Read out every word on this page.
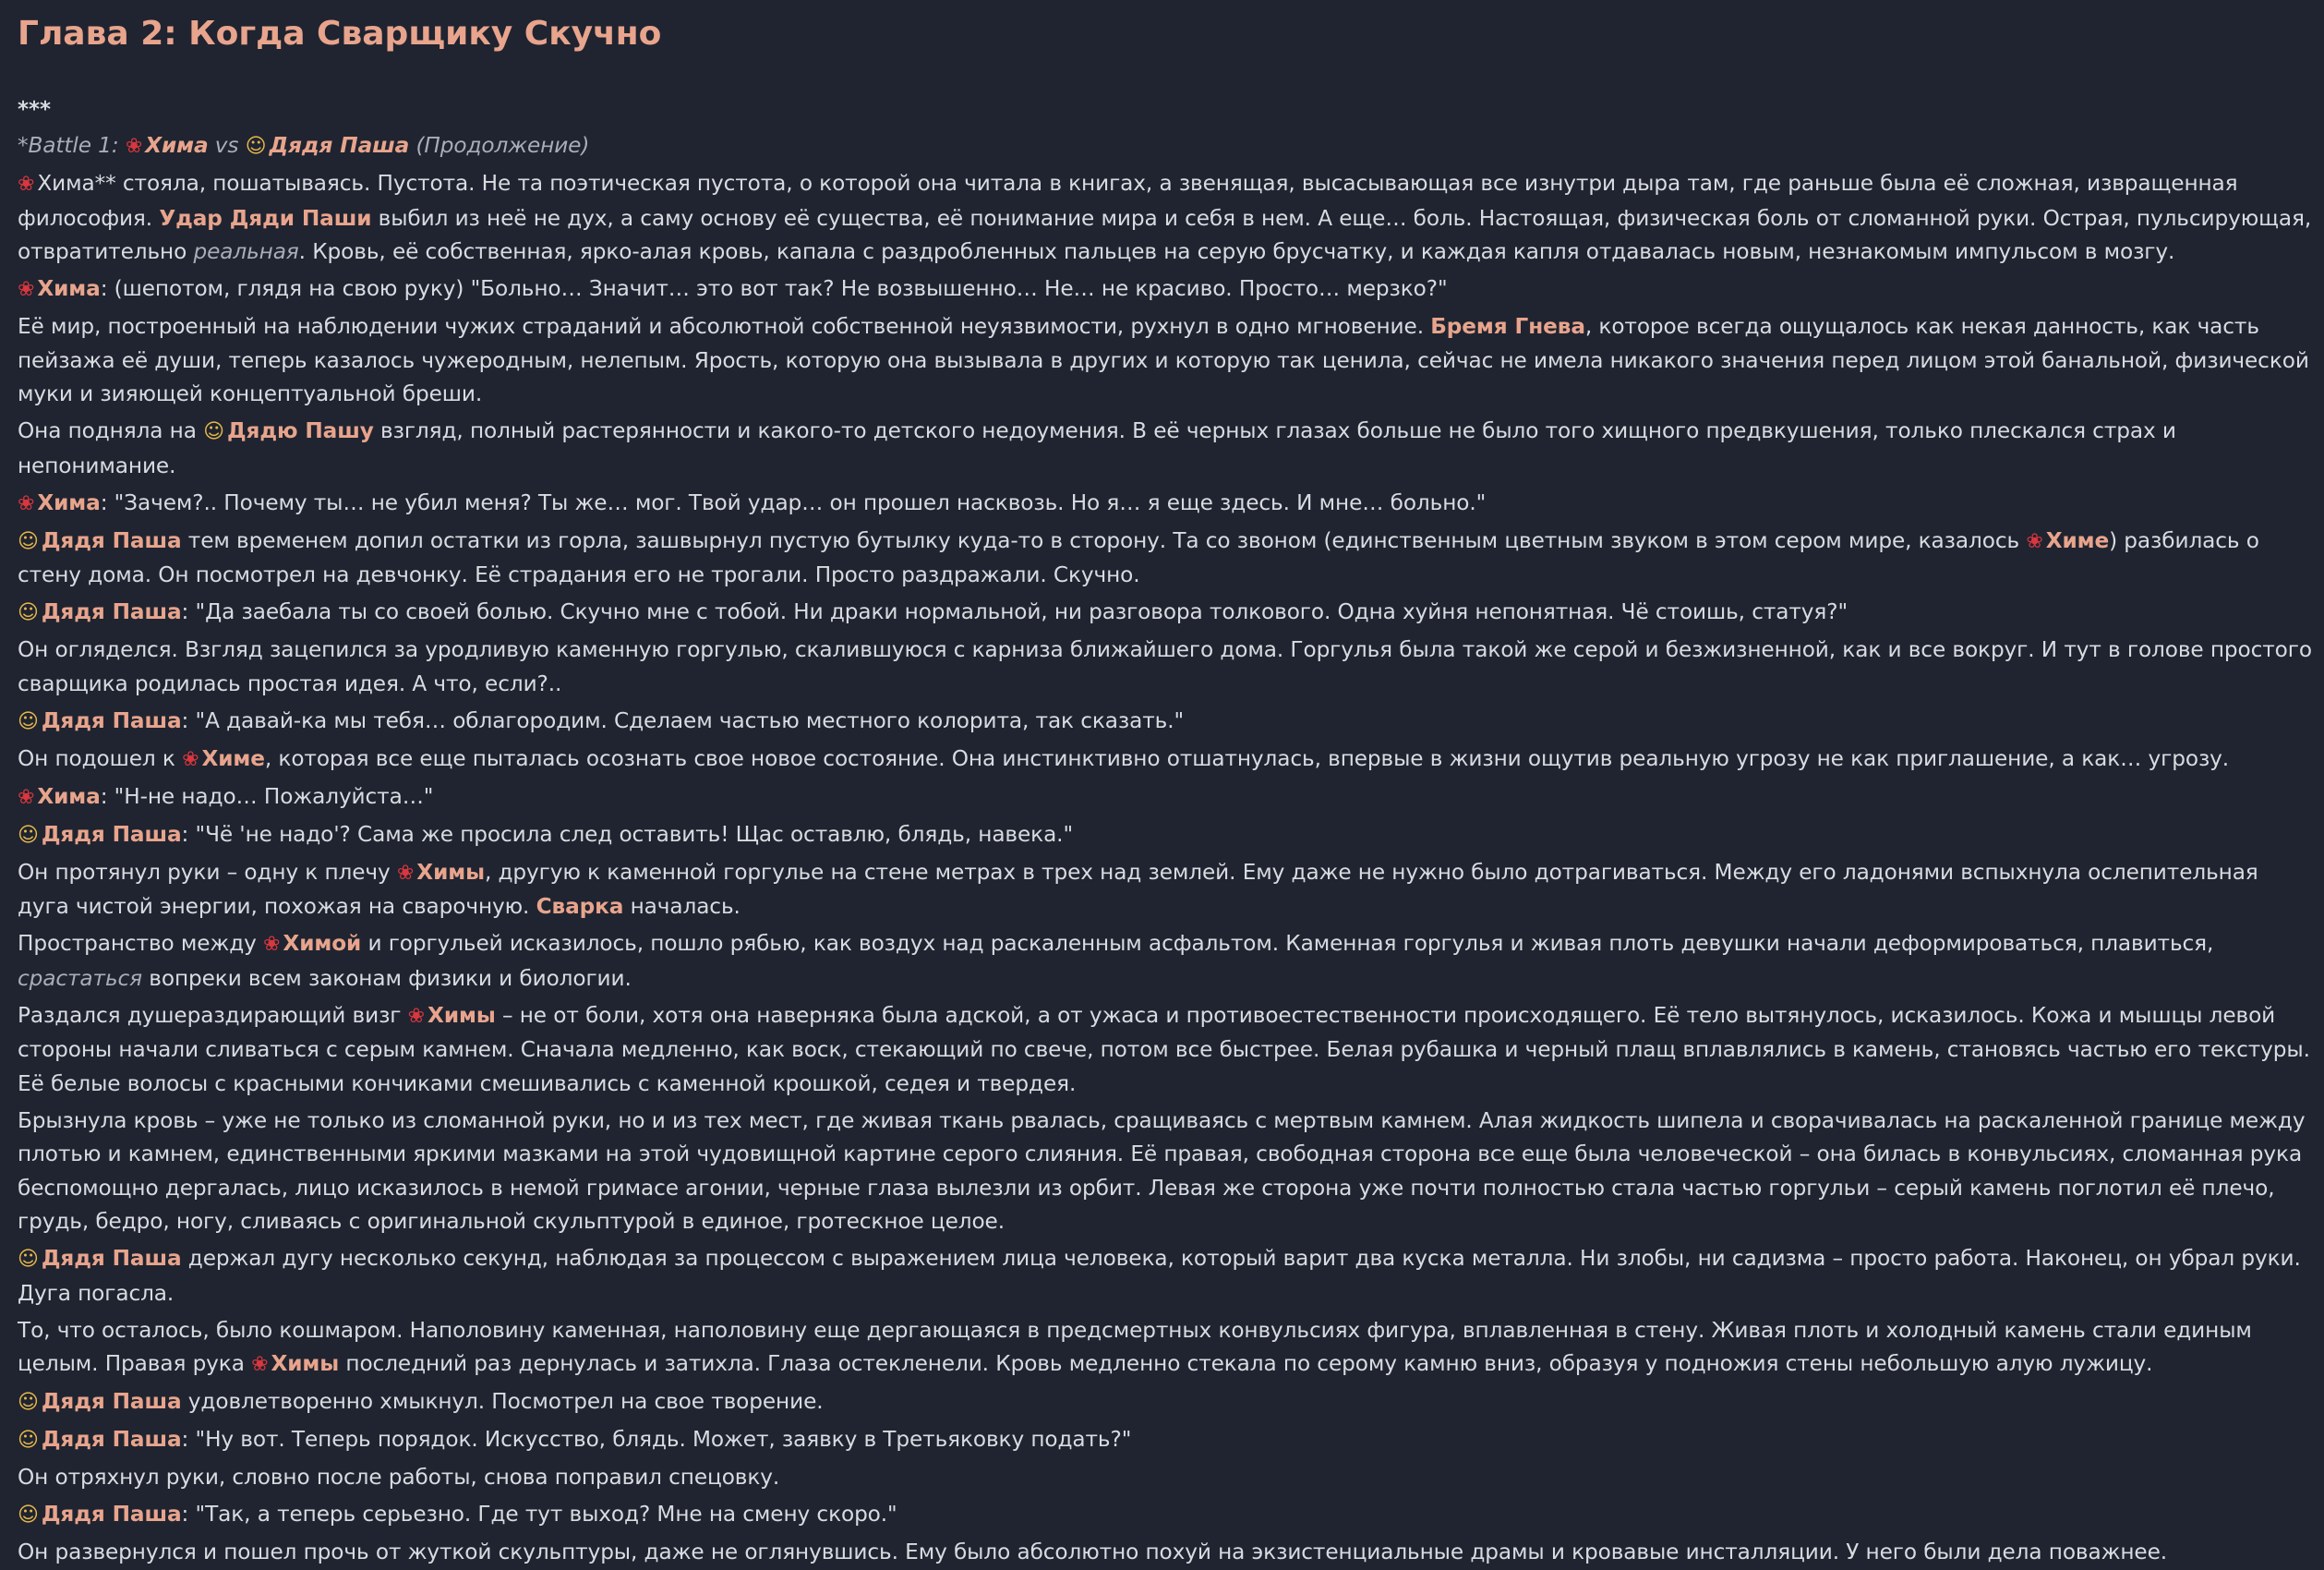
Глава 2: Когда Сварщику Скучно
***
*Battle 1: ❀ Хима vs ☺ Дядя Паша (Продолжение)
❀ Хима** стояла, пошатываясь. Пустота. Не та поэтическая пустота, о которой она читала в книгах, а звенящая, высасывающая все изнутри дыра там, где раньше была её сложная, извращенная философия. Удар Дяди Паши выбил из неё не дух, а саму основу её существа, её понимание мира и себя в нем. А еще… боль. Настоящая, физическая боль от сломанной руки. Острая, пульсирующая, отвратительно реальная. Кровь, её собственная, ярко-алая кровь, капала с раздробленных пальцев на серую брусчатку, и каждая капля отдавалась новым, незнакомым импульсом в мозгу.
❀ Хима: (шепотом, глядя на свою руку) "Больно… Значит… это вот так? Не возвышенно… Не… не красиво. Просто… мерзко?"
Её мир, построенный на наблюдении чужих страданий и абсолютной собственной неуязвимости, рухнул в одно мгновение. Бремя Гнева, которое всегда ощущалось как некая данность, как часть пейзажа её души, теперь казалось чужеродным, нелепым. Ярость, которую она вызывала в других и которую так ценила, сейчас не имела никакого значения перед лицом этой банальной, физической муки и зияющей концептуальной бреши.
Она подняла на ☺ Дядю Пашу взгляд, полный растерянности и какого-то детского недоумения. В её черных глазах больше не было того хищного предвкушения, только плескался страх и непонимание.
❀ Хима: "Зачем?.. Почему ты… не убил меня? Ты же… мог. Твой удар… он прошел насквозь. Но я… я еще здесь. И мне… больно."
☺ Дядя Паша тем временем допил остатки из горла, зашвырнул пустую бутылку куда-то в сторону. Та со звоном (единственным цветным звуком в этом сером мире, казалось ❀ Химе) разбилась о стену дома. Он посмотрел на девчонку. Её страдания его не трогали. Просто раздражали. Скучно.
☺ Дядя Паша: "Да заебала ты со своей болью. Скучно мне с тобой. Ни драки нормальной, ни разговора толкового. Одна хуйня непонятная. Чё стоишь, статуя?"
Он огляделся. Взгляд зацепился за уродливую каменную горгулью, скалившуюся с карниза ближайшего дома. Горгулья была такой же серой и безжизненной, как и все вокруг. И тут в голове простого сварщика родилась простая идея. А что, если?..
☺ Дядя Паша: "А давай-ка мы тебя… облагородим. Сделаем частью местного колорита, так сказать."
Он подошел к ❀ Химе, которая все еще пыталась осознать свое новое состояние. Она инстинктивно отшатнулась, впервые в жизни ощутив реальную угрозу не как приглашение, а как… угрозу.
❀ Хима: "Н-не надо… Пожалуйста…"
☺ Дядя Паша: "Чё 'не надо'? Сама же просила след оставить! Щас оставлю, блядь, навека."
Он протянул руки – одну к плечу ❀ Химы, другую к каменной горгулье на стене метрах в трех над землей. Ему даже не нужно было дотрагиваться. Между его ладонями вспыхнула ослепительная дуга чистой энергии, похожая на сварочную. Сварка началась.
Пространство между ❀ Химой и горгульей исказилось, пошло рябью, как воздух над раскаленным асфальтом. Каменная горгулья и живая плоть девушки начали деформироваться, плавиться, срастаться вопреки всем законам физики и биологии.
Раздался душераздирающий визг ❀ Химы – не от боли, хотя она наверняка была адской, а от ужаса и противоестественности происходящего. Её тело вытянулось, исказилось. Кожа и мышцы левой стороны начали сливаться с серым камнем. Сначала медленно, как воск, стекающий по свече, потом все быстрее. Белая рубашка и черный плащ вплавлялись в камень, становясь частью его текстуры. Её белые волосы с красными кончиками смешивались с каменной крошкой, седея и твердея.
Брызнула кровь – уже не только из сломанной руки, но и из тех мест, где живая ткань рвалась, сращиваясь с мертвым камнем. Алая жидкость шипела и сворачивалась на раскаленной границе между плотью и камнем, единственными яркими мазками на этой чудовищной картине серого слияния. Её правая, свободная сторона все еще была человеческой – она билась в конвульсиях, сломанная рука беспомощно дергалась, лицо исказилось в немой гримасе агонии, черные глаза вылезли из орбит. Левая же сторона уже почти полностью стала частью горгульи – серый камень поглотил её плечо, грудь, бедро, ногу, сливаясь с оригинальной скульптурой в единое, гротескное целое.
☺ Дядя Паша держал дугу несколько секунд, наблюдая за процессом с выражением лица человека, который варит два куска металла. Ни злобы, ни садизма – просто работа. Наконец, он убрал руки. Дуга погасла.
То, что осталось, было кошмаром. Наполовину каменная, наполовину еще дергающаяся в предсмертных конвульсиях фигура, вплавленная в стену. Живая плоть и холодный камень стали единым целым. Правая рука ❀ Химы последний раз дернулась и затихла. Глаза остекленели. Кровь медленно стекала по серому камню вниз, образуя у подножия стены небольшую алую лужицу.
☺ Дядя Паша удовлетворенно хмыкнул. Посмотрел на свое творение.
☺ Дядя Паша: "Ну вот. Теперь порядок. Искусство, блядь. Может, заявку в Третьяковку подать?"
Он отряхнул руки, словно после работы, снова поправил спецовку.
☺ Дядя Паша: "Так, а теперь серьезно. Где тут выход? Мне на смену скоро."
Он развернулся и пошел прочь от жуткой скульптуры, даже не оглянувшись. Ему было абсолютно похуй на экзистенциальные драмы и кровавые инсталляции. У него были дела поважнее.
